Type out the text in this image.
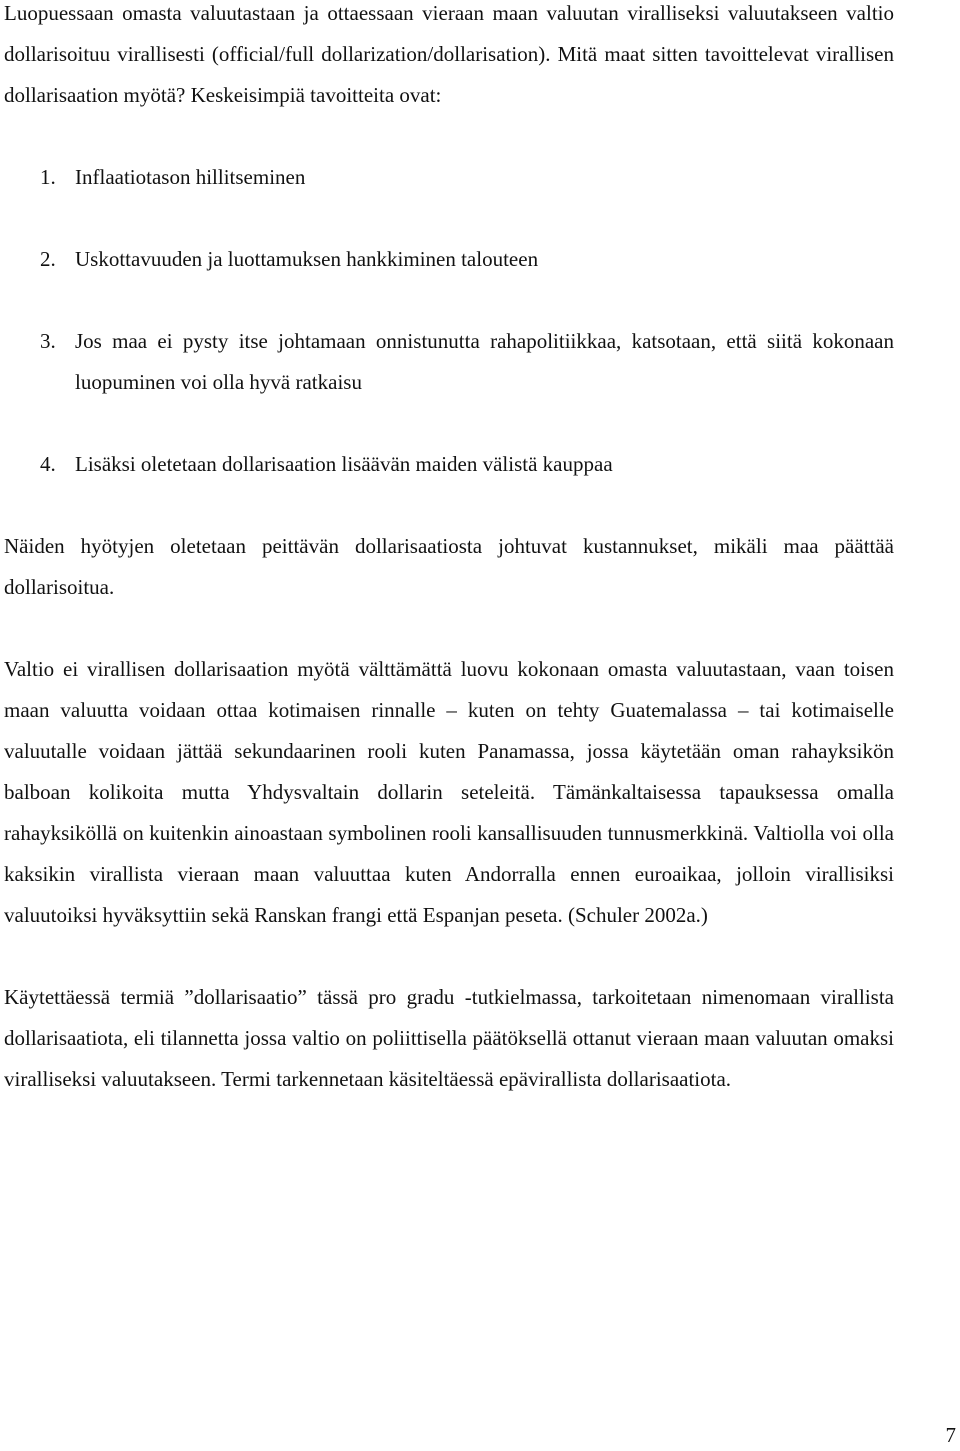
Luopuessaan omasta valuutastaan ja ottaessaan vieraan maan valuutan viralliseksi valuutakseen valtio dollarisoituu virallisesti (official/full dollarization/dollarisation). Mitä maat sitten tavoittelevat virallisen dollarisaation myötä? Keskeisimpiä tavoitteita ovat:

1. Inflaatiotason hillitseminen
2. Uskottavuuden ja luottamuksen hankkiminen talouteen
3. Jos maa ei pysty itse johtamaan onnistunutta rahapolitiikkaa, katsotaan, että siitä kokonaan luopuminen voi olla hyvä ratkaisu
4. Lisäksi oletetaan dollarisaation lisäävän maiden välistä kauppaa

Näiden hyötyjen oletetaan peittävän dollarisaatiosta johtuvat kustannukset, mikäli maa päättää dollarisoitua.

Valtio ei virallisen dollarisaation myötä välttämättä luovu kokonaan omasta valuutastaan, vaan toisen maan valuutta voidaan ottaa kotimaisen rinnalle – kuten on tehty Guatemalassa – tai kotimaiselle valuutalle voidaan jättää sekundaarinen rooli kuten Panamassa, jossa käytetään oman rahayksikön balboan kolikoita mutta Yhdysvaltain dollarin seteleitä. Tämänkaltaisessa tapauksessa omalla rahayksiköllä on kuitenkin ainoastaan symbolinen rooli kansallisuuden tunnusmerkkinä. Valtiolla voi olla kaksikin virallista vieraan maan valuuttaa kuten Andorralla ennen euroaikaa, jolloin virallisiksi valuutoiksi hyväksyttiin sekä Ranskan frangi että Espanjan peseta. (Schuler 2002a.)

Käytettäessä termiä ”dollarisaatio” tässä pro gradu -tutkielmassa, tarkoitetaan nimenomaan virallista dollarisaatiota, eli tilannetta jossa valtio on poliittisella päätöksellä ottanut vieraan maan valuutan omaksi viralliseksi valuutakseen. Termi tarkennetaan käsiteltäessä epävirallista dollarisaatiota.

7
